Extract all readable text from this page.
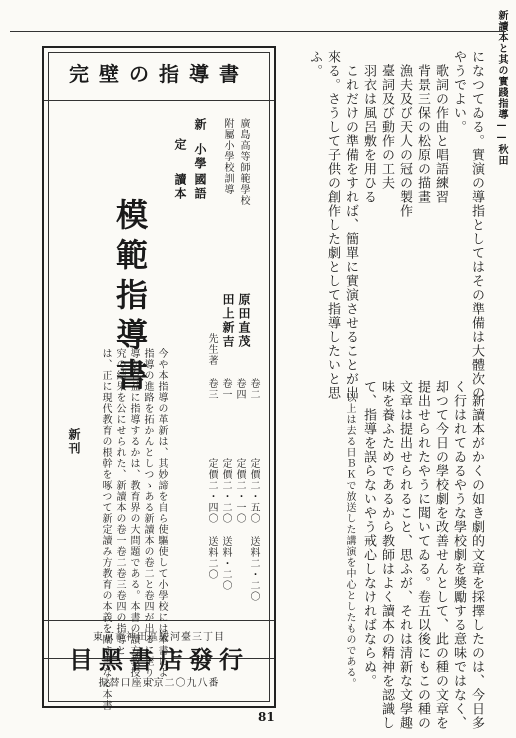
新讀本と其の實踐指導——秋田
完壁の指導書
模範指導書
新
定 小學
國語
讀本	廣島高等師範學校
附屬小學校訓導
原田直茂
田上新吉
先生著
新刊
卷二
卷四
卷一
卷三
定價二・五〇 送料二・二〇
定價二・一〇
定價二・二〇 送料・二〇
定價二・四〇 送料二〇
今や本指導の革新は、其妙諦を自ら使驅使して小學校には本書によ
指導の進路を拓かんとしつゝある新讀本の卷二と卷四が出るに至り、
導が有益に指導するかは、教育界の大問題である。本書の讀方教授
究の結果を公にせられた、新讀本の卷一卷二卷三卷四の指導と
は、正に現代教育の根幹を啄つて新定讀み方教育の本義を闡す書なる本書
東京市神田區駿河臺三丁目
目黑書店發行
振替口座東京二〇九八番
になつてゐる。實演の導指としてはその準備は大體次の
やうでよい。
　歌詞の作曲と唱語練習
　背景三保の松原の描畫
　漁夫及び天人の冠の製作
　臺詞及び動作の工夫
　羽衣は風呂敷を用ひる
　これだけの準備をすれば、簡單に實演させることが出
來る。さうして子供の創作した劇として指導したいと思
ふ。
　新讀本がかくの如き劇的文章を採擇したのは、今日多
く行はれてゐるやうな學校劇を奬勵する意味ではなく、
却つて今日の學校劇を改善せんとして、此の種の文章を
提出せられたやうに聞いてゐる。卷五以後にもこの種の
文章は提出せられること、思ふが、それは清新な文學趣
味を養ふためであるから教師はよく讀本の精神を認識し
て、指導を誤らないやう戒心しなければならぬ。
以上は去る日ＢＫで放送した講演を中心としたものである。
81
